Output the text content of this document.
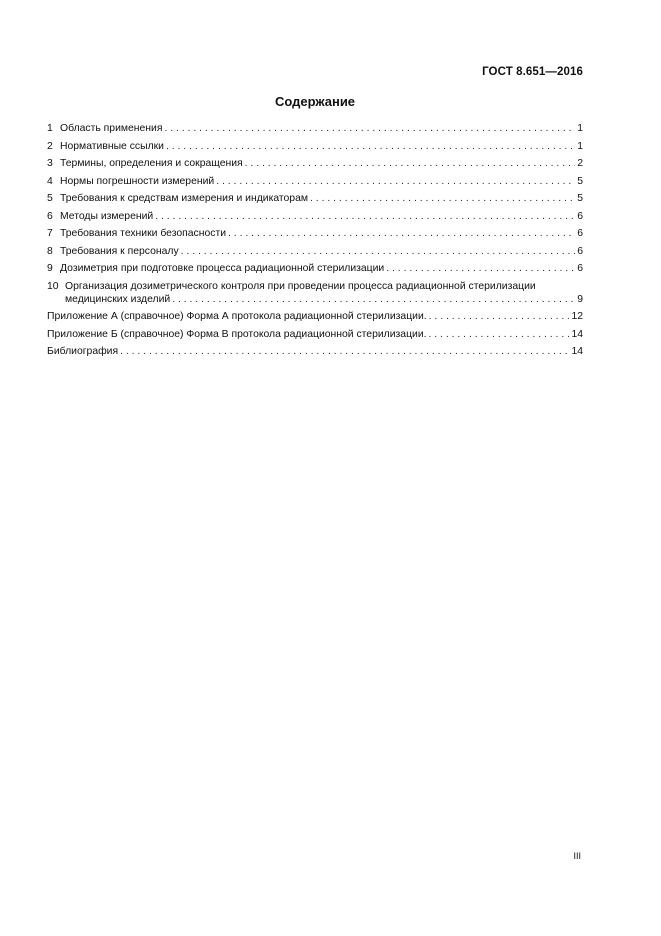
ГОСТ 8.651—2016
Содержание
1 Область применения . . .	1
2 Нормативные ссылки . . .	1
3 Термины, определения и сокращения . . .	2
4 Нормы погрешности измерений . . .	5
5 Требования к средствам измерения и индикаторам . . .	5
6 Методы измерений . . .	6
7 Требования техники безопасности . . .	6
8 Требования к персоналу . . .	6
9 Дозиметрия при подготовке процесса радиационной стерилизации . . .	6
10 Организация дозиметрического контроля при проведении процесса радиационной стерилизации
медицинских изделий . . .	9
Приложение А (справочное) Форма А протокола радиационной стерилизации. . . .	12
Приложение Б (справочное) Форма В протокола радиационной стерилизации. . . .	14
Библиография . . .	14
III
